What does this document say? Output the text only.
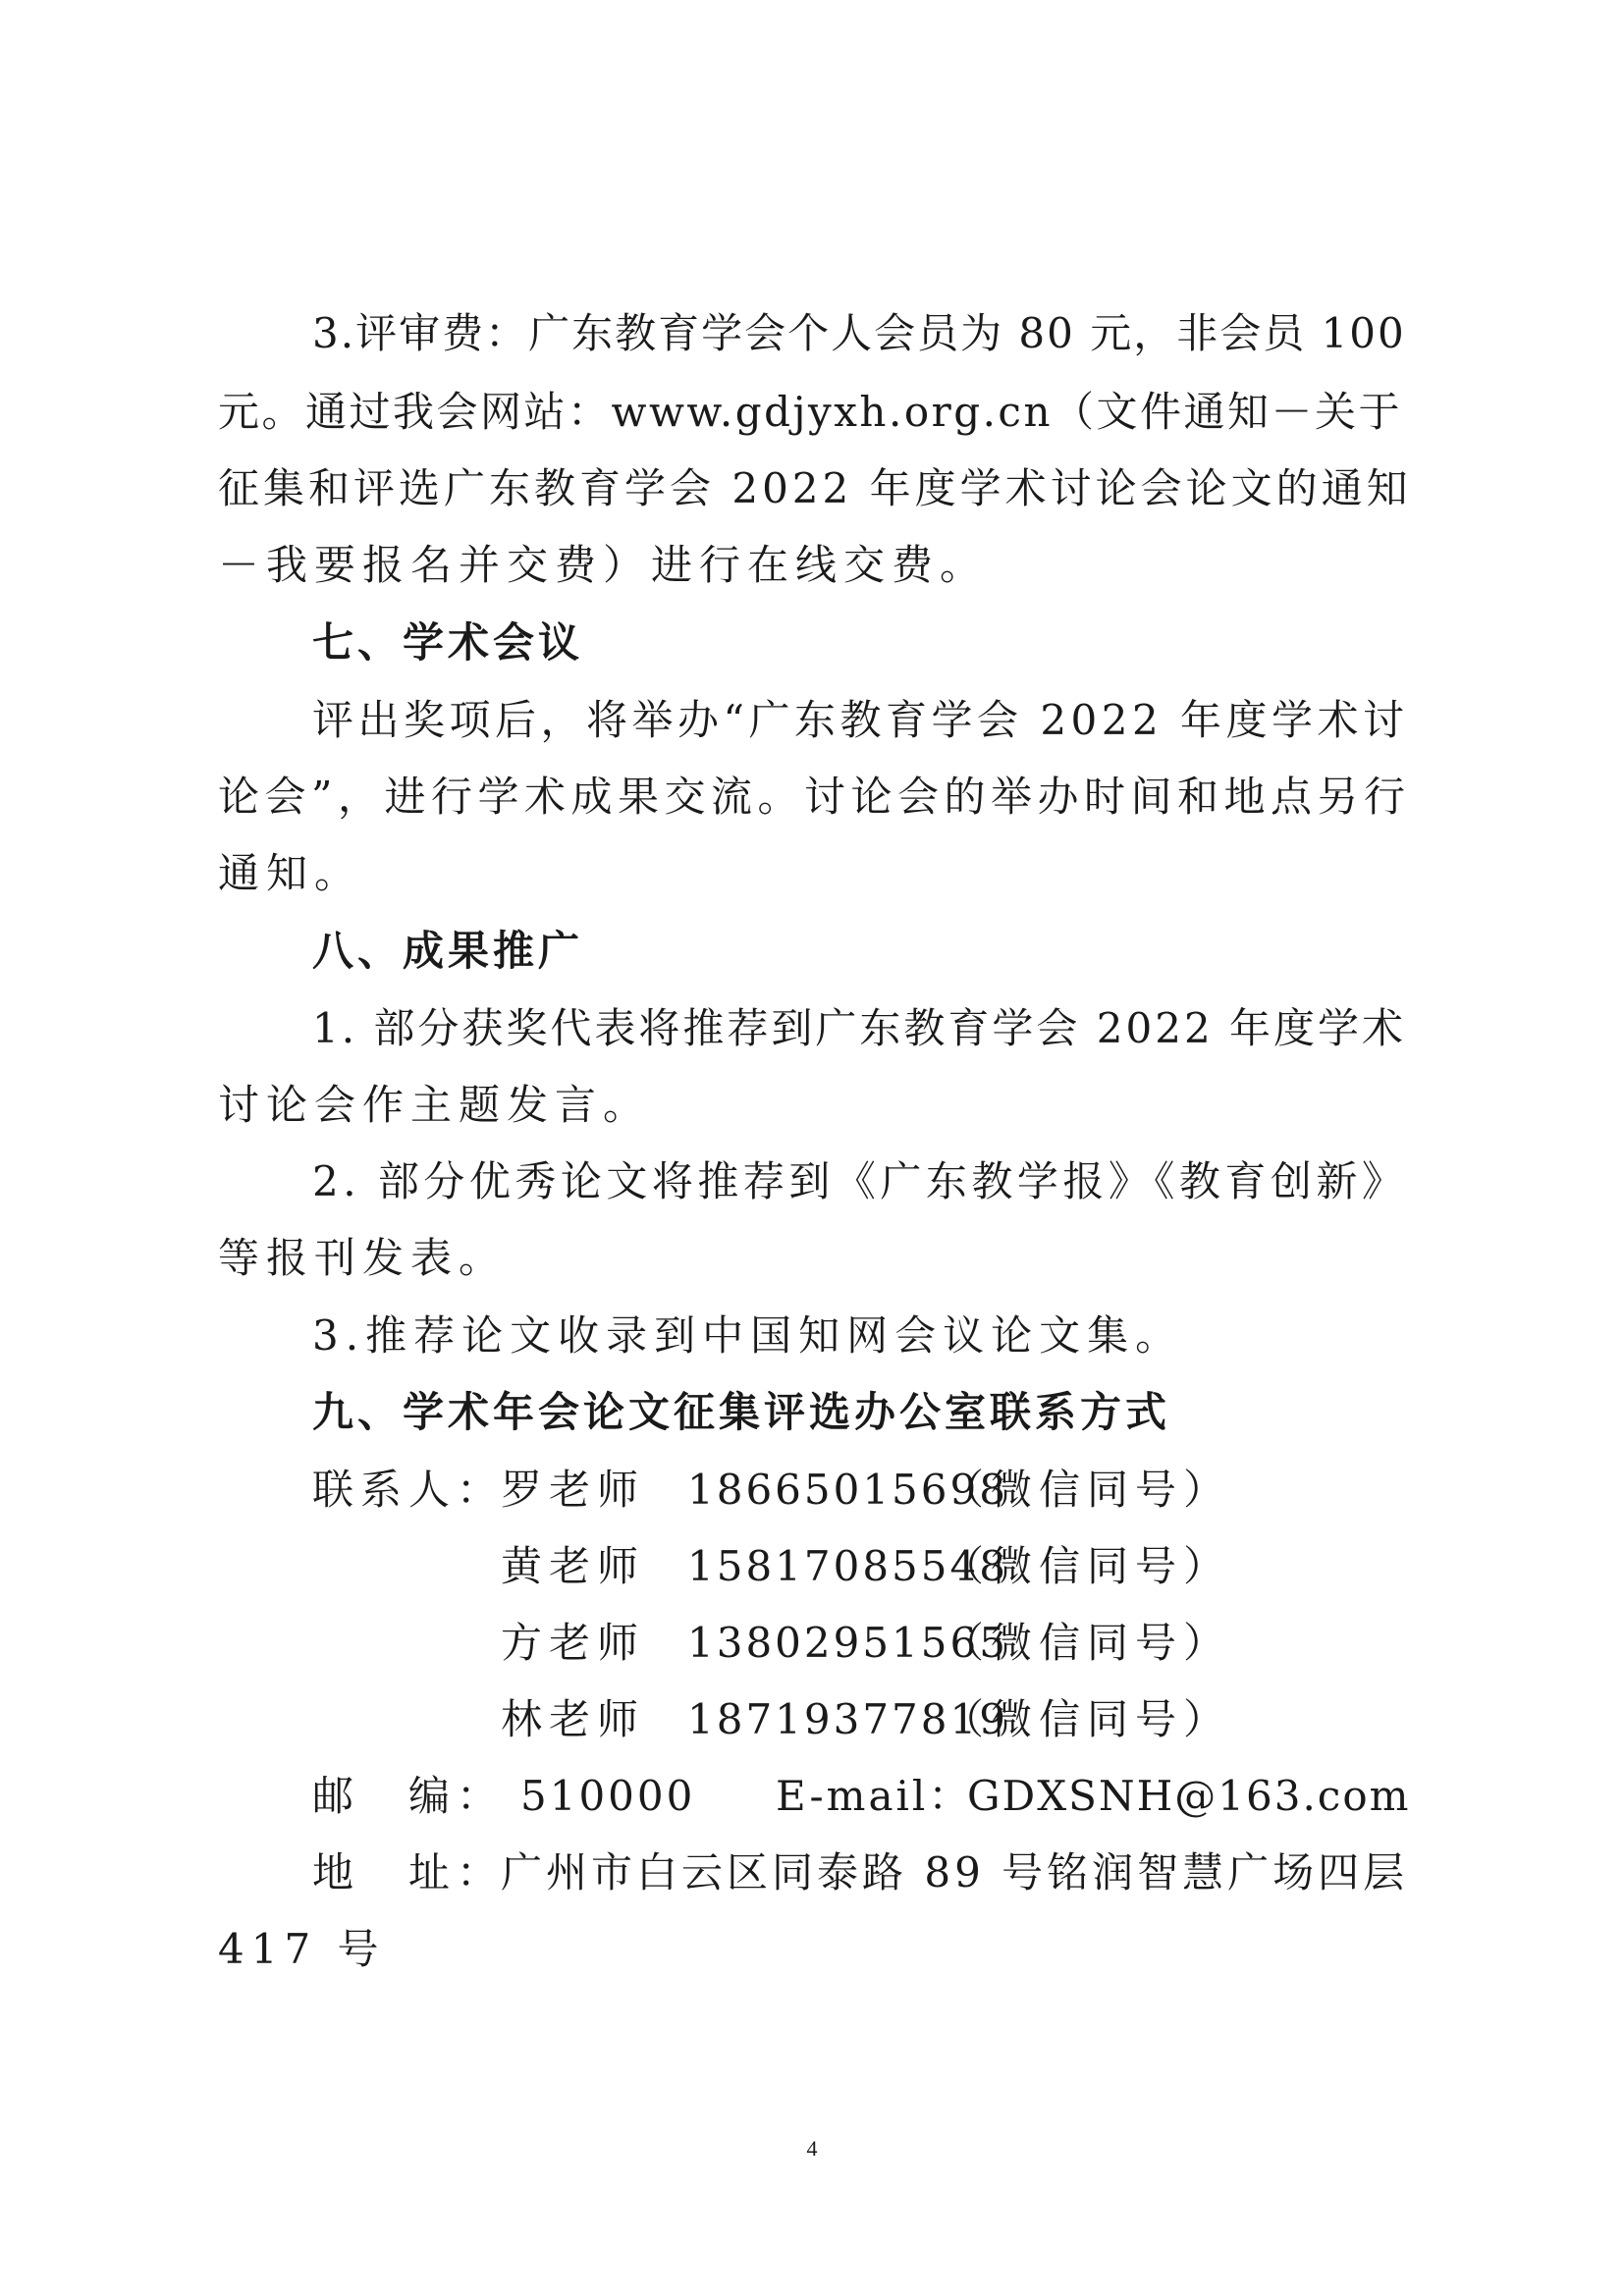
3.评审费：广东教育学会个人会员为 80 元，非会员 100
元。通过我会网站：www.gdjyxh.org.cn（文件通知－关于
征集和评选广东教育学会 2022 年度学术讨论会论文的通知
－我要报名并交费）进行在线交费。
七、学术会议
评出奖项后，将举办“广东教育学会 2022 年度学术讨
论会”，进行学术成果交流。讨论会的举办时间和地点另行
通知。
八、成果推广
1. 部分获奖代表将推荐到广东教育学会 2022 年度学术
讨论会作主题发言。
2. 部分优秀论文将推荐到《广东教学报》《教育创新》
等报刊发表。
3.推荐论文收录到中国知网会议论文集。
九、学术年会论文征集评选办公室联系方式
联系人：
罗老师 18665015698
（微信同号）
黄老师 15817085548
（微信同号）
方老师 13802951565
（微信同号）
林老师 18719377819
（微信同号）
邮　编： 510000 E-mail：
GDXSNH@163.com
地　址：
广州市白云区同泰路 89 号铭润智慧广场四层
417 号
4
